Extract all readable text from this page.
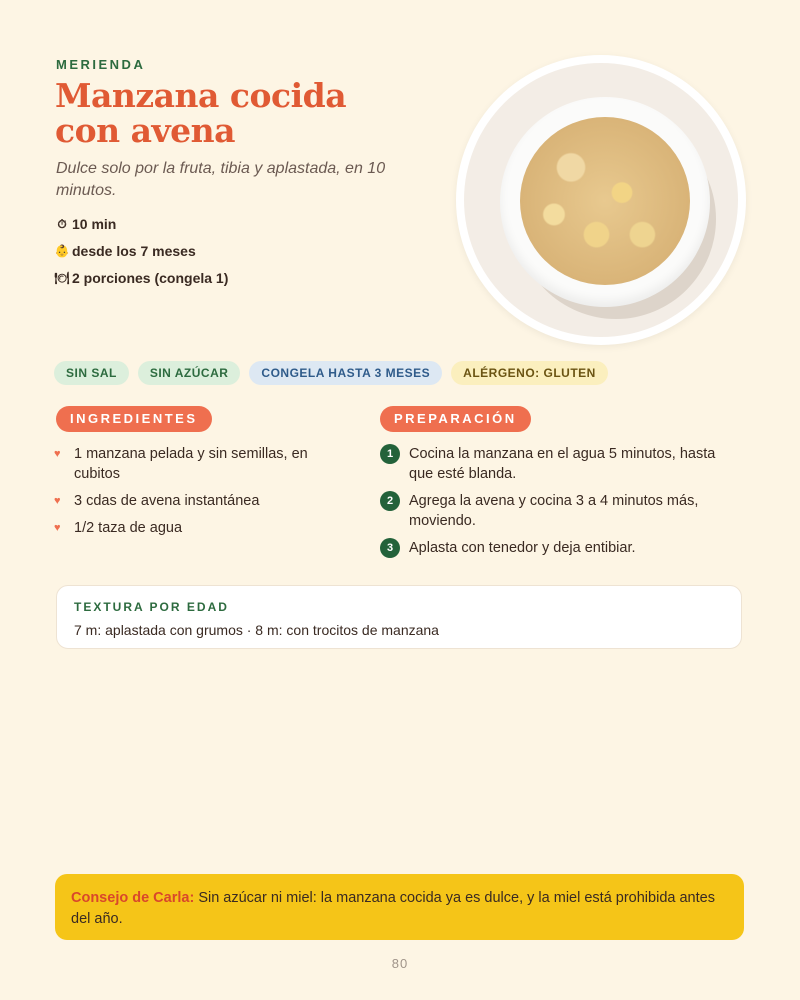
MERIENDA
Manzana cocida con avena
Dulce solo por la fruta, tibia y aplastada, en 10 minutos.
⏱ 10 min
👶 desde los 7 meses
🍽 2 porciones (congela 1)
SIN SAL	SIN AZÚCAR	CONGELA HASTA 3 MESES	ALÉRGENO: GLUTEN
INGREDIENTES
♥ 1 manzana pelada y sin semillas, en cubitos
♥ 3 cdas de avena instantánea
♥ 1/2 taza de agua
PREPARACIÓN
1	Cocina la manzana en el agua 5 minutos, hasta que esté blanda.
2	Agrega la avena y cocina 3 a 4 minutos más, moviendo.
3	Aplasta con tenedor y deja entibiar.
TEXTURA POR EDAD
7 m: aplastada con grumos · 8 m: con trocitos de manzana
Consejo de Carla: Sin azúcar ni miel: la manzana cocida ya es dulce, y la miel está prohibida antes del año.
80
